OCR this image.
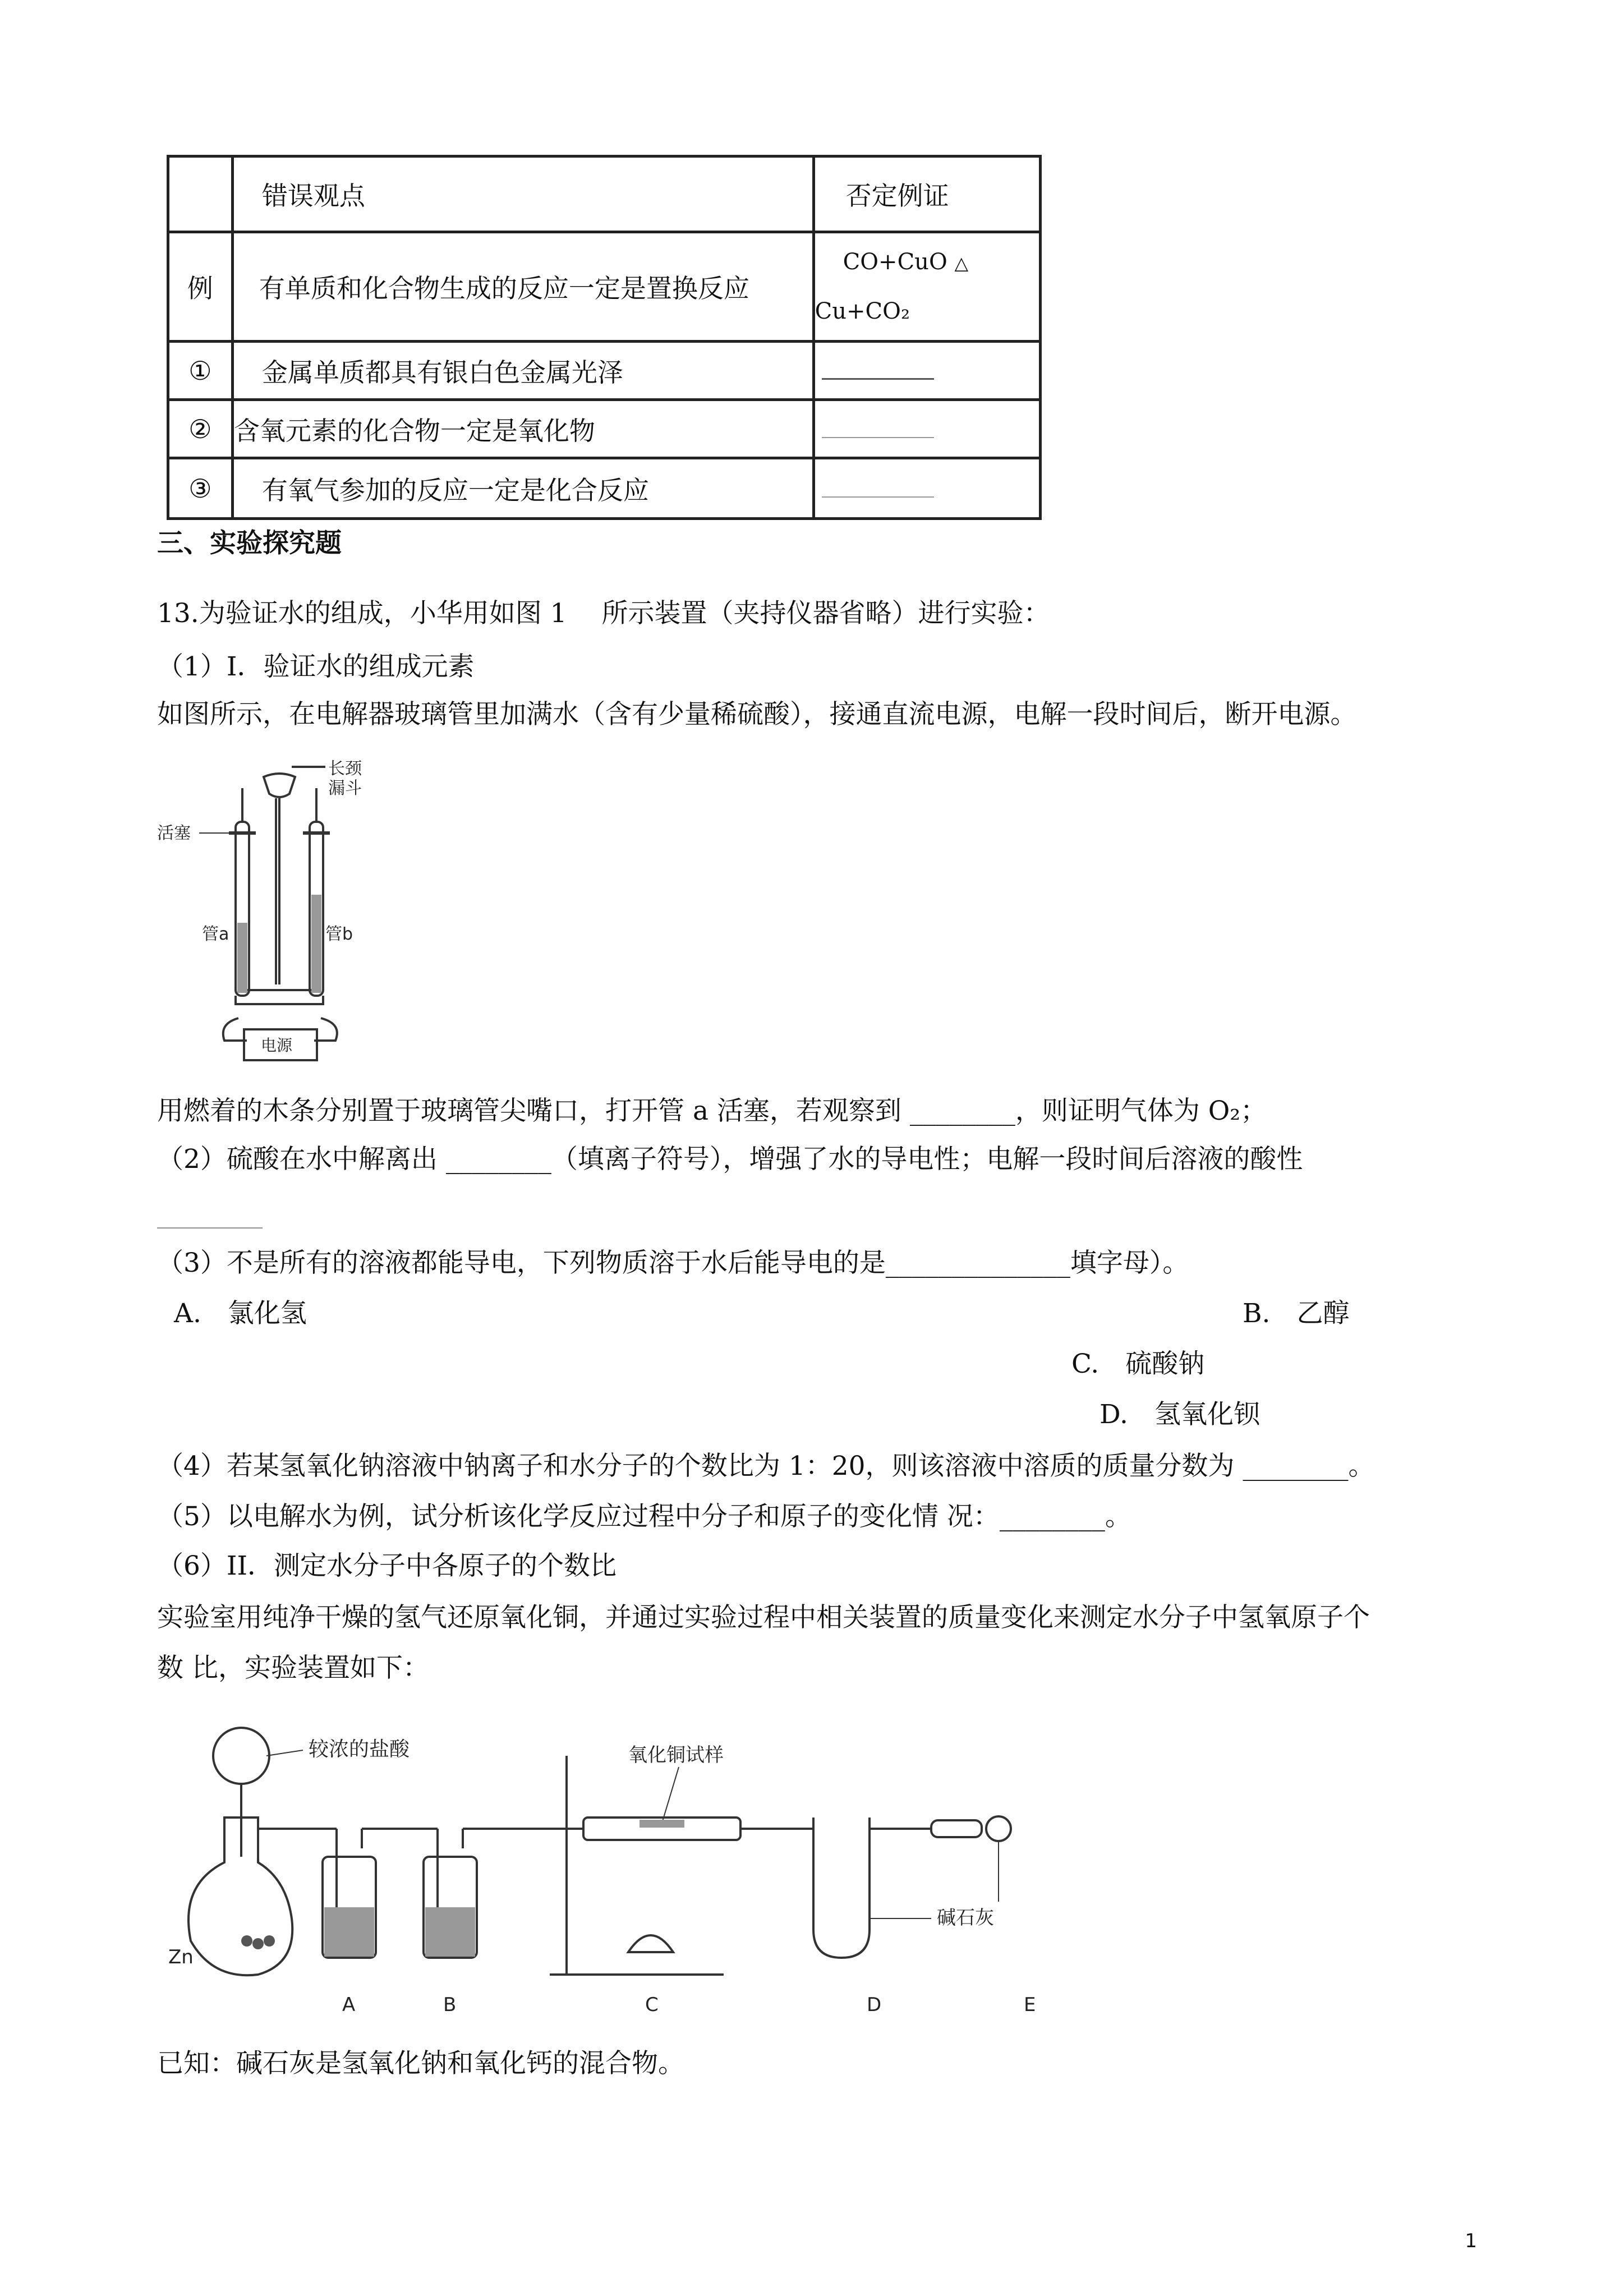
	错误观点	否定例证
例	有单质和化合物生成的反应一定是置换反应	CO+CuO △
Cu+CO₂

①	金属单质都具有银白色金属光泽	
②	含氧元素的化合物一定是氧化物	
③	有氧气参加的反应一定是化合反应	
三、实验探究题
13.为验证水的组成，小华用如图 1　 所示装置（夹持仪器省略）进行实验：
（1）Ⅰ．验证水的组成元素
如图所示，在电解器玻璃管里加满水（含有少量稀硫酸），接通直流电源，电解一段时间后，断开电源。
长颈
漏斗
活塞
管a	管b
电源
用燃着的木条分别置于玻璃管尖嘴口，打开管 a 活塞，若观察到 ________，则证明气体为 O₂；
（2）硫酸在水中解离出 ________（填离子符号），增强了水的导电性；电解一段时间后溶液的酸性
________
（3）不是所有的溶液都能导电，下列物质溶于水后能导电的是______________填字母）。
A.　氯化氢	B.　乙醇
C.　硫酸钠
D.　氢氧化钡
（4）若某氢氧化钠溶液中钠离子和水分子的个数比为 1：20，则该溶液中溶质的质量分数为 ________。
（5）以电解水为例，试分析该化学反应过程中分子和原子的变化情 况：________。
（6）II．测定水分子中各原子的个数比
实验室用纯净干燥的氢气还原氧化铜，并通过实验过程中相关装置的质量变化来测定水分子中氢氧原子个
数 比，实验装置如下：
较浓的盐酸
Zn
氧化铜试样
碱石灰
A	B	C	D	E
已知：碱石灰是氢氧化钠和氧化钙的混合物。
1
